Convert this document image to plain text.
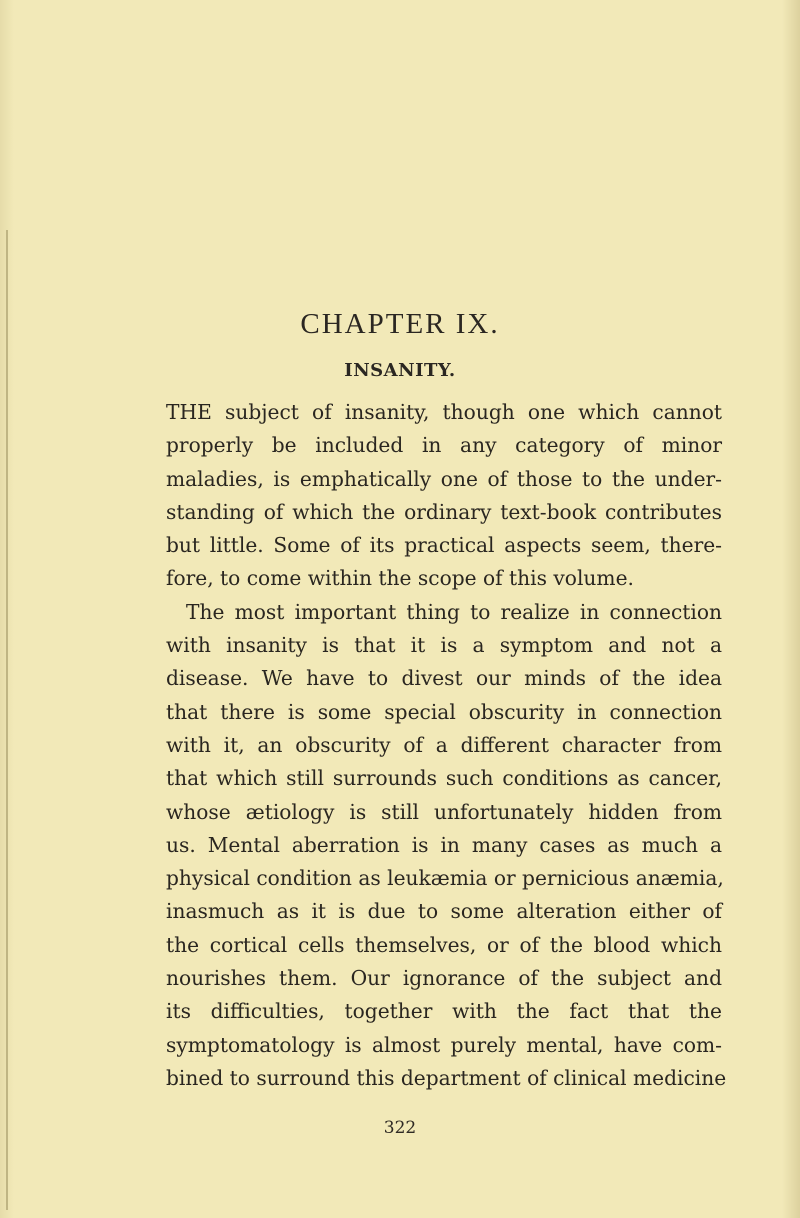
CHAPTER IX.
INSANITY.
THE subject of insanity, though one which cannot
properly be included in any category of minor
maladies, is emphatically one of those to the under-
standing of which the ordinary text-book contributes
but little. Some of its practical aspects seem, there-
fore, to come within the scope of this volume.
The most important thing to realize in connection
with insanity is that it is a symptom and not a
disease. We have to divest our minds of the idea
that there is some special obscurity in connection
with it, an obscurity of a different character from
that which still surrounds such conditions as cancer,
whose ætiology is still unfortunately hidden from
us. Mental aberration is in many cases as much a
physical condition as leukæmia or pernicious anæmia,
inasmuch as it is due to some alteration either of
the cortical cells themselves, or of the blood which
nourishes them. Our ignorance of the subject and
its difficulties, together with the fact that the
symptomatology is almost purely mental, have com-
bined to surround this department of clinical medicine
322
